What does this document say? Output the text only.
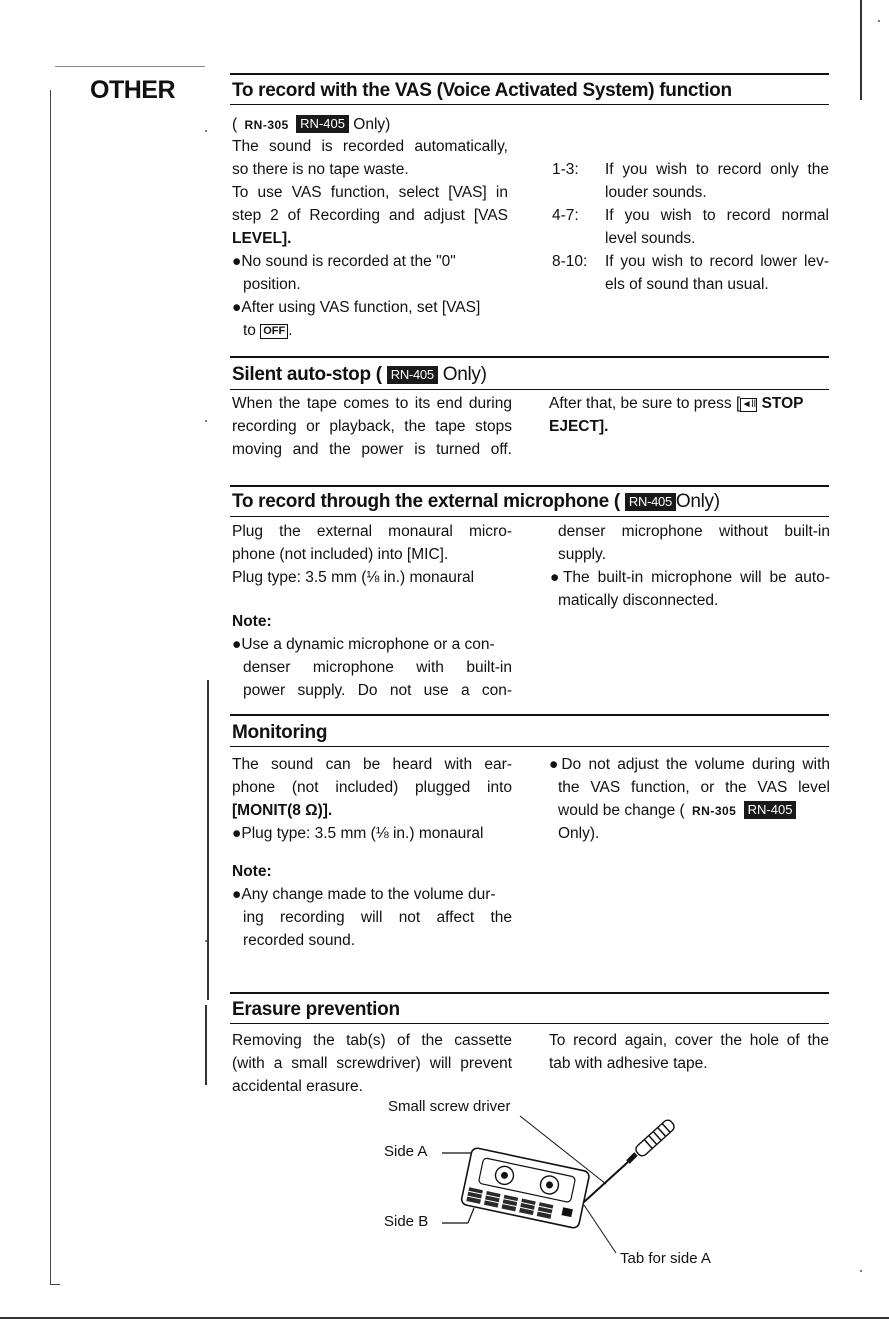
OTHER	To record with the VAS (Voice Activated System) function
( RN-305 RN-405 Only)
The sound is recorded automatically,
so there is no tape waste.
To use VAS function, select [VAS] in
step 2 of Recording and adjust [VAS
LEVEL].
●No sound is recorded at the "0"
position.
●After using VAS function, set [VAS]
to OFF .
1-3: If you wish to record only the
louder sounds.
4-7: If you wish to record normal
level sounds.
8-10: If you wish to record lower lev-
els of sound than usual.
Silent auto-stop ( RN-405 Only)
When the tape comes to its end during
recording or playback, the tape stops
moving and the power is turned off.
After that, be sure to press [◄ll STOP
EJECT].
To record through the external microphone ( RN-405 Only)
Plug the external monaural micro-
phone (not included) into [MIC].
Plug type: 3.5 mm (⅛ in.) monaural
Note:
●Use a dynamic microphone or a con-
denser microphone with built-in
power supply. Do not use a con-
denser microphone without built-in
supply.
●The built-in microphone will be auto-
matically disconnected.
Monitoring
The sound can be heard with ear-
phone (not included) plugged into
[MONIT(8 Ω)].
●Plug type: 3.5 mm (⅛ in.) monaural
Note:
●Any change made to the volume dur-
ing recording will not affect the
recorded sound.
●Do not adjust the volume during with
the VAS function, or the VAS level
would be change ( RN-305 RN-405
Only).
Erasure prevention
Removing the tab(s) of the cassette
(with a small screwdriver) will prevent
accidental erasure.
To record again, cover the hole of the
tab with adhesive tape.
Small screw driver
Side A
Side B
Tab for side A
